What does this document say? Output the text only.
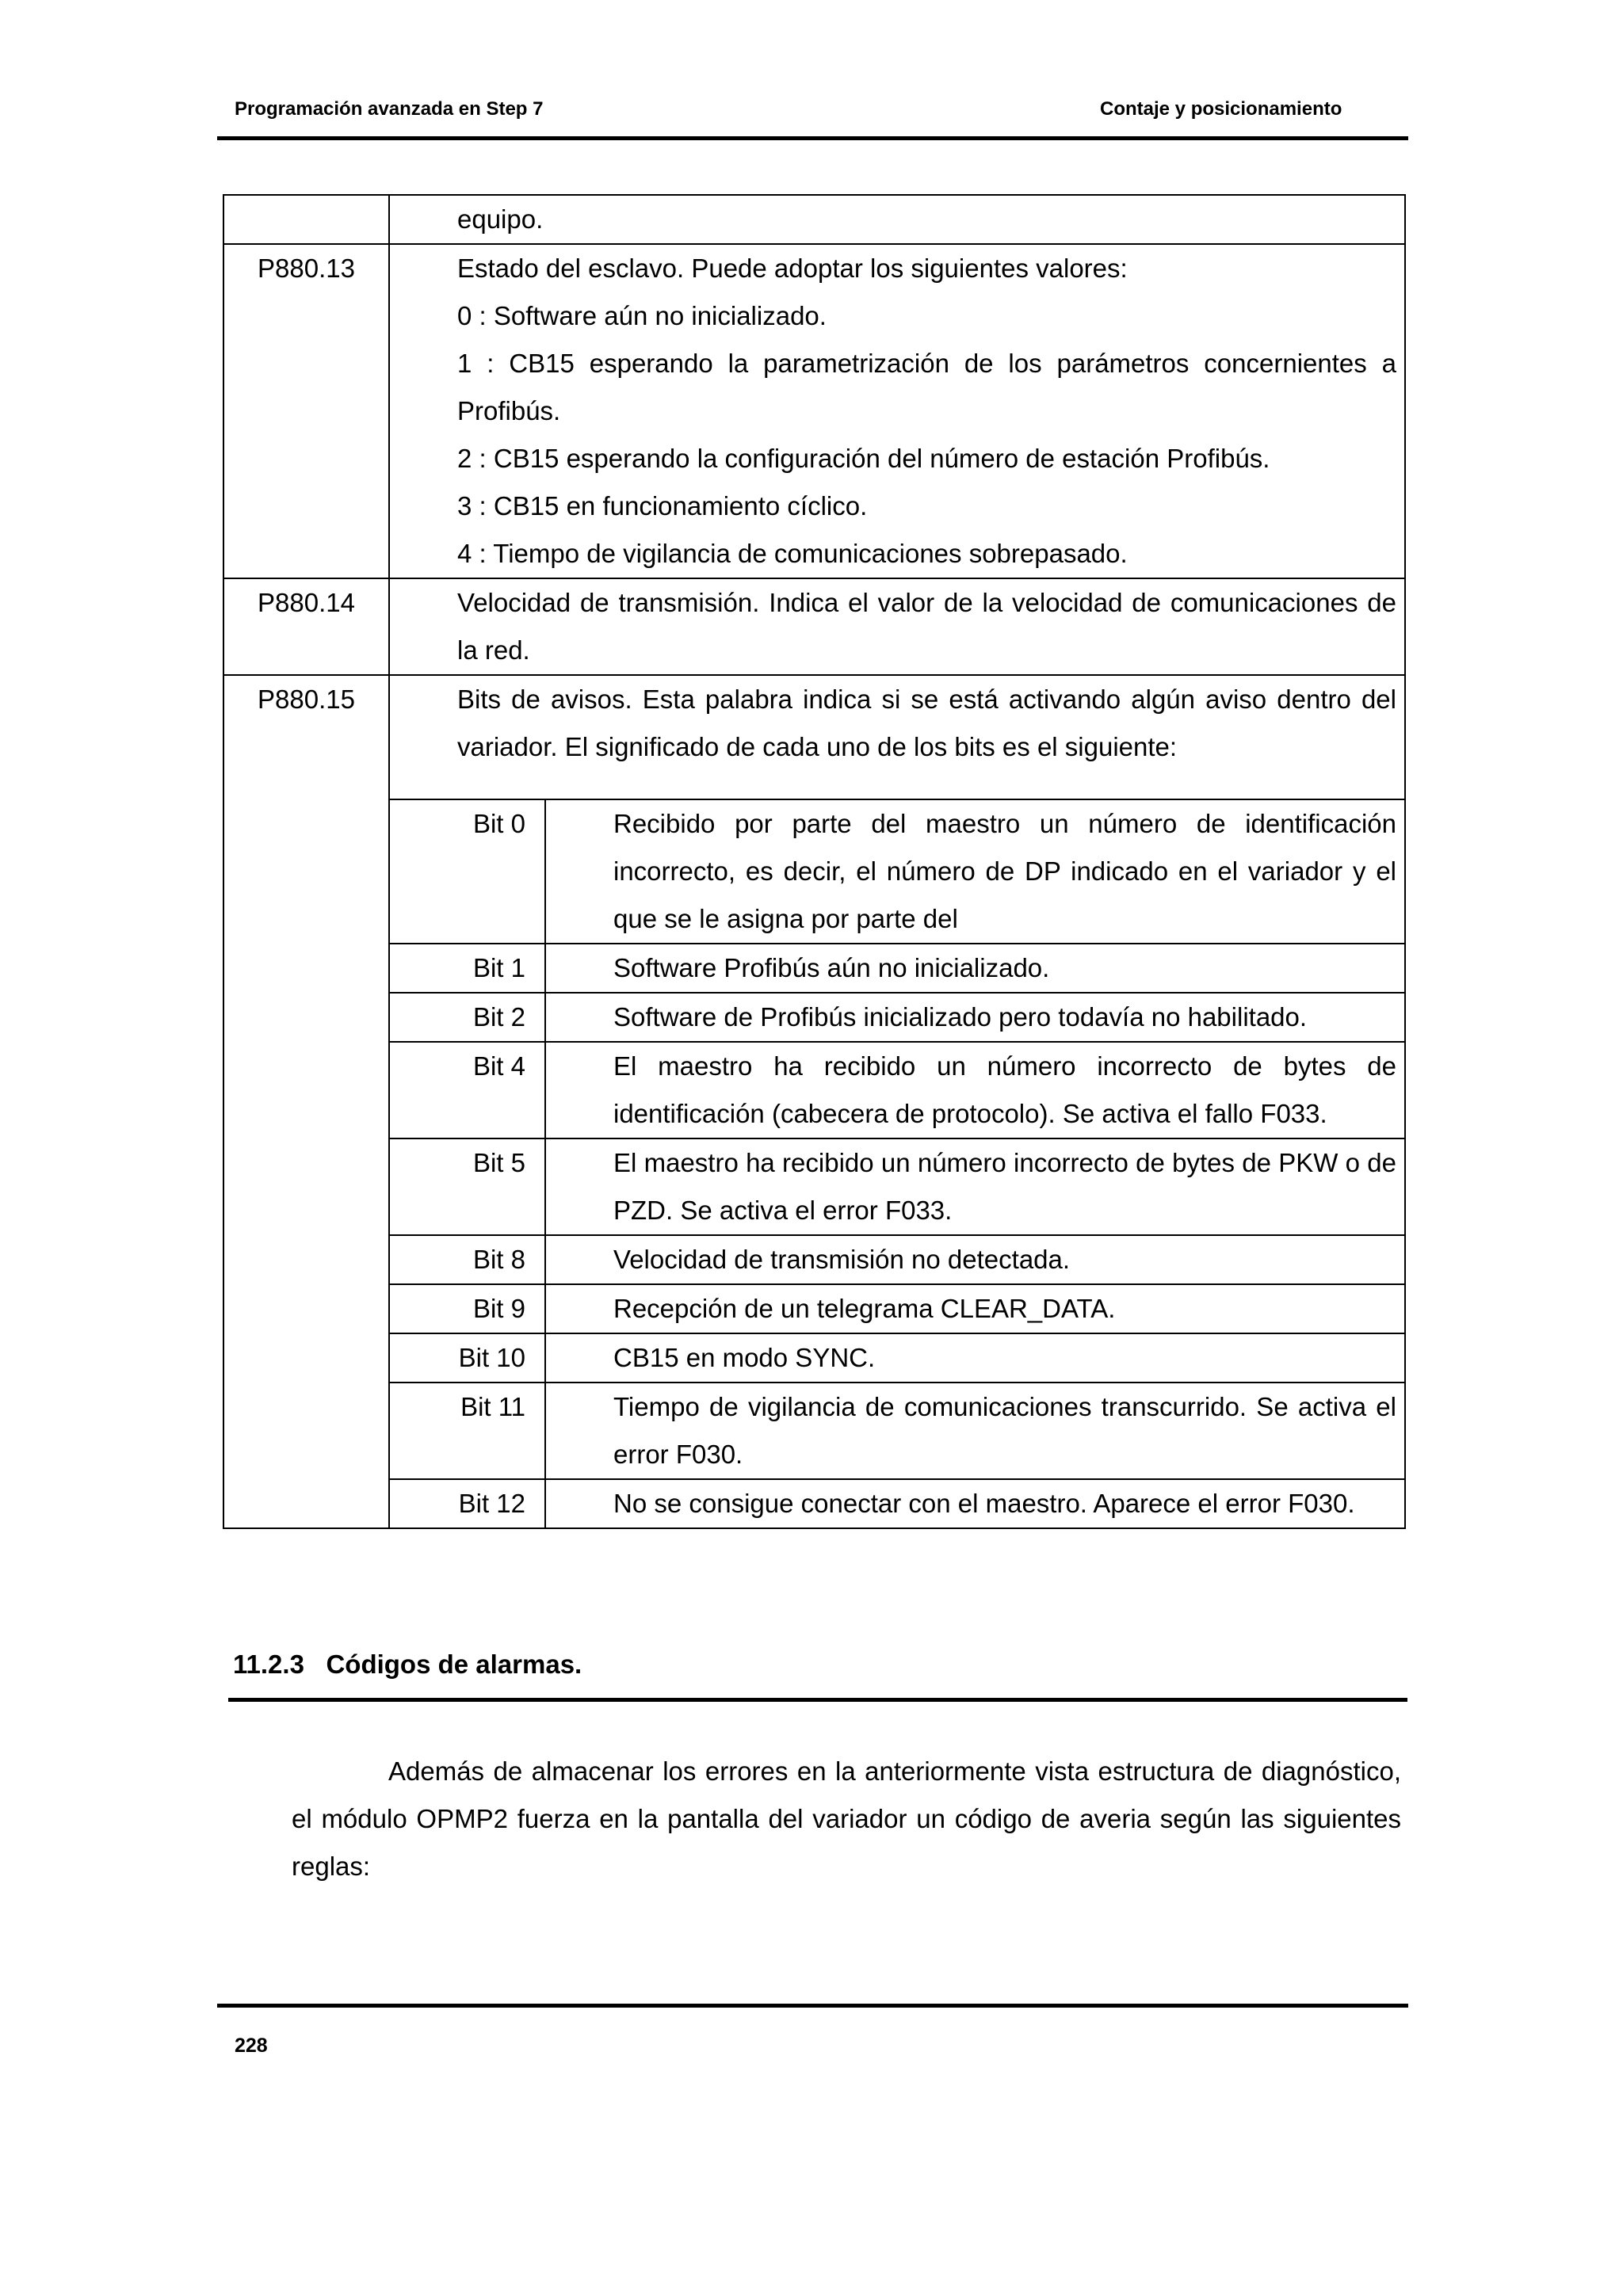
Programación avanzada en Step 7	Contaje y posicionamiento

equipo.

P880.13	Estado del esclavo. Puede adoptar los siguientes valores:
0 : Software aún no inicializado.
1 : CB15 esperando la parametrización de los parámetros concernientes a Profibús.
2 : CB15 esperando la configuración del número de estación Profibús.
3 : CB15 en funcionamiento cíclico.
4 : Tiempo de vigilancia de comunicaciones sobrepasado.

P880.14	Velocidad de transmisión. Indica el valor de la velocidad de comunicaciones de la red.

P880.15	Bits de avisos. Esta palabra indica si se está activando algún aviso dentro del variador. El significado de cada uno de los bits es el siguiente:

Bit 0	Recibido por parte del maestro un número de identificación incorrecto, es decir, el número de DP indicado en el variador y el que se le asigna por parte del
Bit 1	Software Profibús aún no inicializado.
Bit 2	Software de Profibús inicializado pero todavía no habilitado.
Bit 4	El maestro ha recibido un número incorrecto de bytes de identificación (cabecera de protocolo). Se activa el fallo F033.
Bit 5	El maestro ha recibido un número incorrecto de bytes de PKW o de PZD. Se activa el error F033.
Bit 8	Velocidad de transmisión no detectada.
Bit 9	Recepción de un telegrama CLEAR_DATA.
Bit 10	CB15 en modo SYNC.
Bit 11	Tiempo de vigilancia de comunicaciones transcurrido. Se activa el error F030.
Bit 12	No se consigue conectar con el maestro. Aparece el error F030.
11.2.3 Códigos de alarmas.
Además de almacenar los errores en la anteriormente vista estructura de diagnóstico, el módulo OPMP2 fuerza en la pantalla del variador un código de averia según las siguientes reglas:
228
